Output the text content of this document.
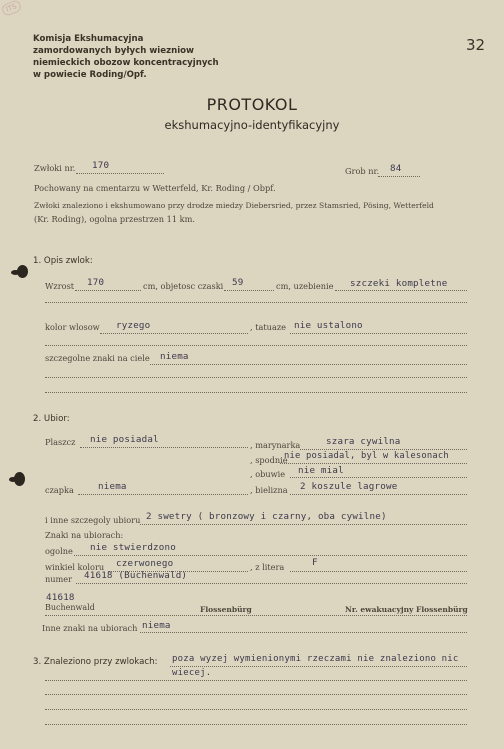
ITS
32
Komisja Ekshumacyjna
zamordowanych byłych wiezniow
niemieckich obozow koncentracyjnych
w powiecie Roding/Opf.
PROTOKOL
ekshumacyjno-identyfikacyjny
Zwłoki nr. 170	Grob nr. 84
Pochowany na cmentarzu w Wetterfeld, Kr. Roding / Obpf.
Zwłoki znaleziono i ekshumowano przy drodze miedzy Diebersried, przez Stamsried, Pösing, Wetterfeld
(Kr. Roding), ogolna przestrzen 11 km.
1. Opis zwlok:
Wzrost 170	cm, objetosc czaski 59	cm, uzebienie szczeki kompletne
kolor wlosow ryzego	, tatuaze nie ustalono
szczegolne znaki na ciele niema
2. Ubior:
Plaszcz nie posiadal	, marynarka	szara cywilna
, spodnie
nie posiadal, byl w kalesonach
, obuwie nie mial
czapka	niema	, bielizna 2 koszule lagrowe
i inne szczegoly ubioru 2 swetry ( bronzowy i czarny, oba cywilne)
Znaki na ubiorach:
ogolne nie stwierdzono
winkiel koloru czerwonego	, z litera	F
numer 41618 (Buchenwald)
41618
Buchenwald	Flossenbürg	Nr. ewakuacyjny Flossenbürg
Inne znaki na ubiorach niema
3. Znaleziono przy zwlokach: poza wyzej wymienionymi rzeczami nie znaleziono nic
wiecej.
